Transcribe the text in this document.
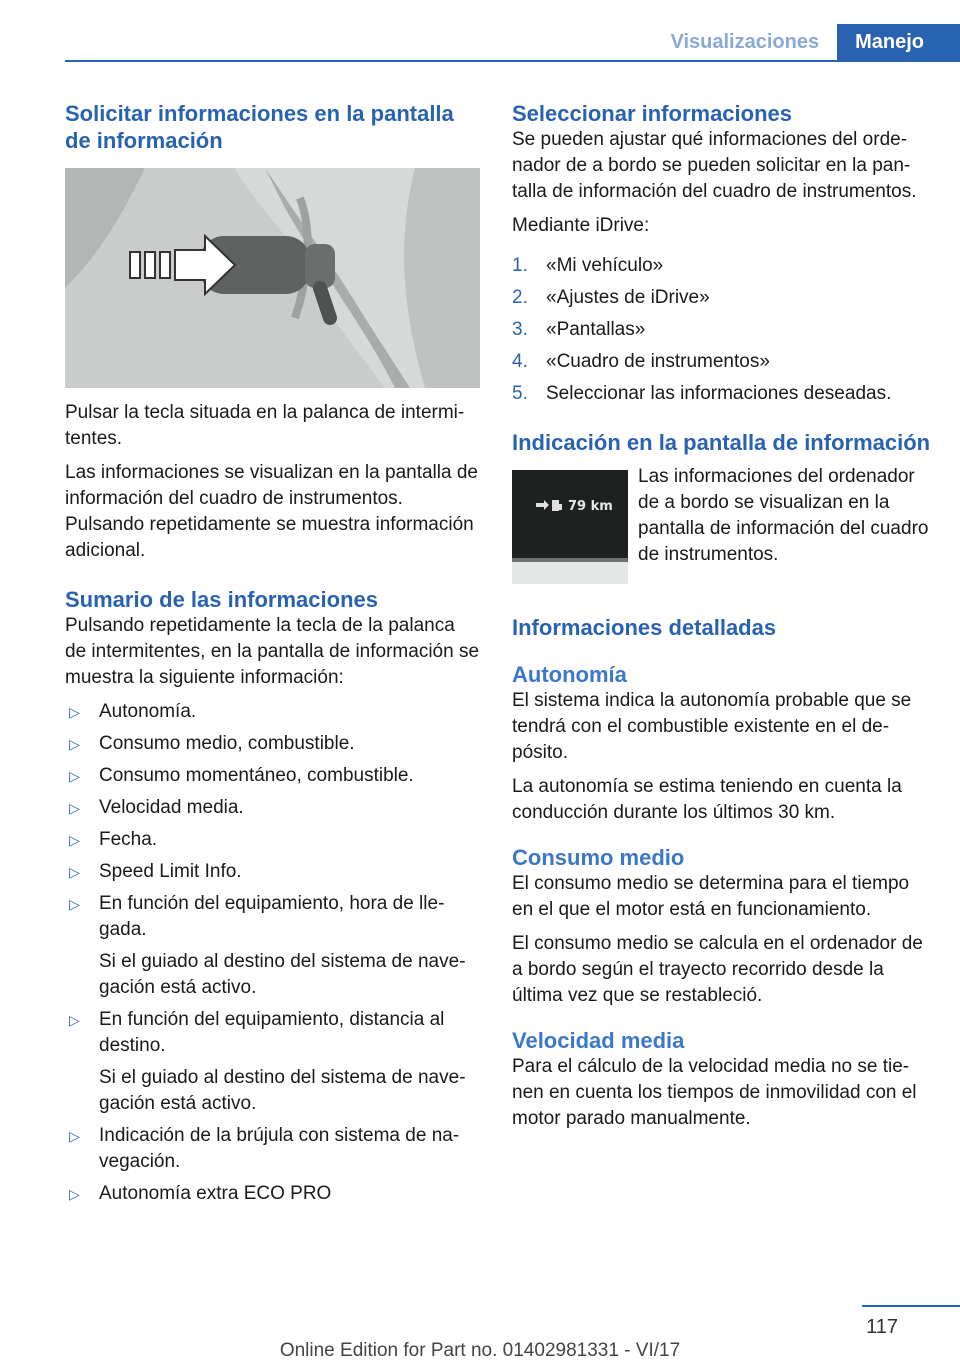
Visualizaciones	Manejo
Solicitar informaciones en la pantalla de información

Pulsar la tecla situada en la palanca de intermitentes.

Las informaciones se visualizan en la pantalla de información del cuadro de instrumentos. Pulsando repetidamente se muestra información adicional.

Sumario de las informaciones

Pulsando repetidamente la tecla de la palanca de intermitentes, en la pantalla de información se muestra la siguiente información:

▷ Autonomía.
▷ Consumo medio, combustible.
▷ Consumo momentáneo, combustible.
▷ Velocidad media.
▷ Fecha.
▷ Speed Limit Info.
▷ En función del equipamiento, hora de llegada.
Si el guiado al destino del sistema de navegación está activo.
▷ En función del equipamiento, distancia al destino.
Si el guiado al destino del sistema de navegación está activo.
▷ Indicación de la brújula con sistema de navegación.
▷ Autonomía extra ECO PRO
Seleccionar informaciones

Se pueden ajustar qué informaciones del ordenador de a bordo se pueden solicitar en la pantalla de información del cuadro de instrumentos.

Mediante iDrive:

1. «Mi vehículo»
2. «Ajustes de iDrive»
3. «Pantallas»
4. «Cuadro de instrumentos»
5. Seleccionar las informaciones deseadas.
Indicación en la pantalla de información
79 km

Las informaciones del ordenador de a bordo se visualizan en la pantalla de información del cuadro de instrumentos.

Informaciones detalladas
Autonomía

El sistema indica la autonomía probable que se tendrá con el combustible existente en el depósito.

La autonomía se estima teniendo en cuenta la conducción durante los últimos 30 km.

Consumo medio

El consumo medio se determina para el tiempo en el que el motor está en funcionamiento.

El consumo medio se calcula en el ordenador de a bordo según el trayecto recorrido desde la última vez que se restableció.

Velocidad media

Para el cálculo de la velocidad media no se tienen en cuenta los tiempos de inmovilidad con el motor parado manualmente.

117
Online Edition for Part no. 01402981331 - VI/17
